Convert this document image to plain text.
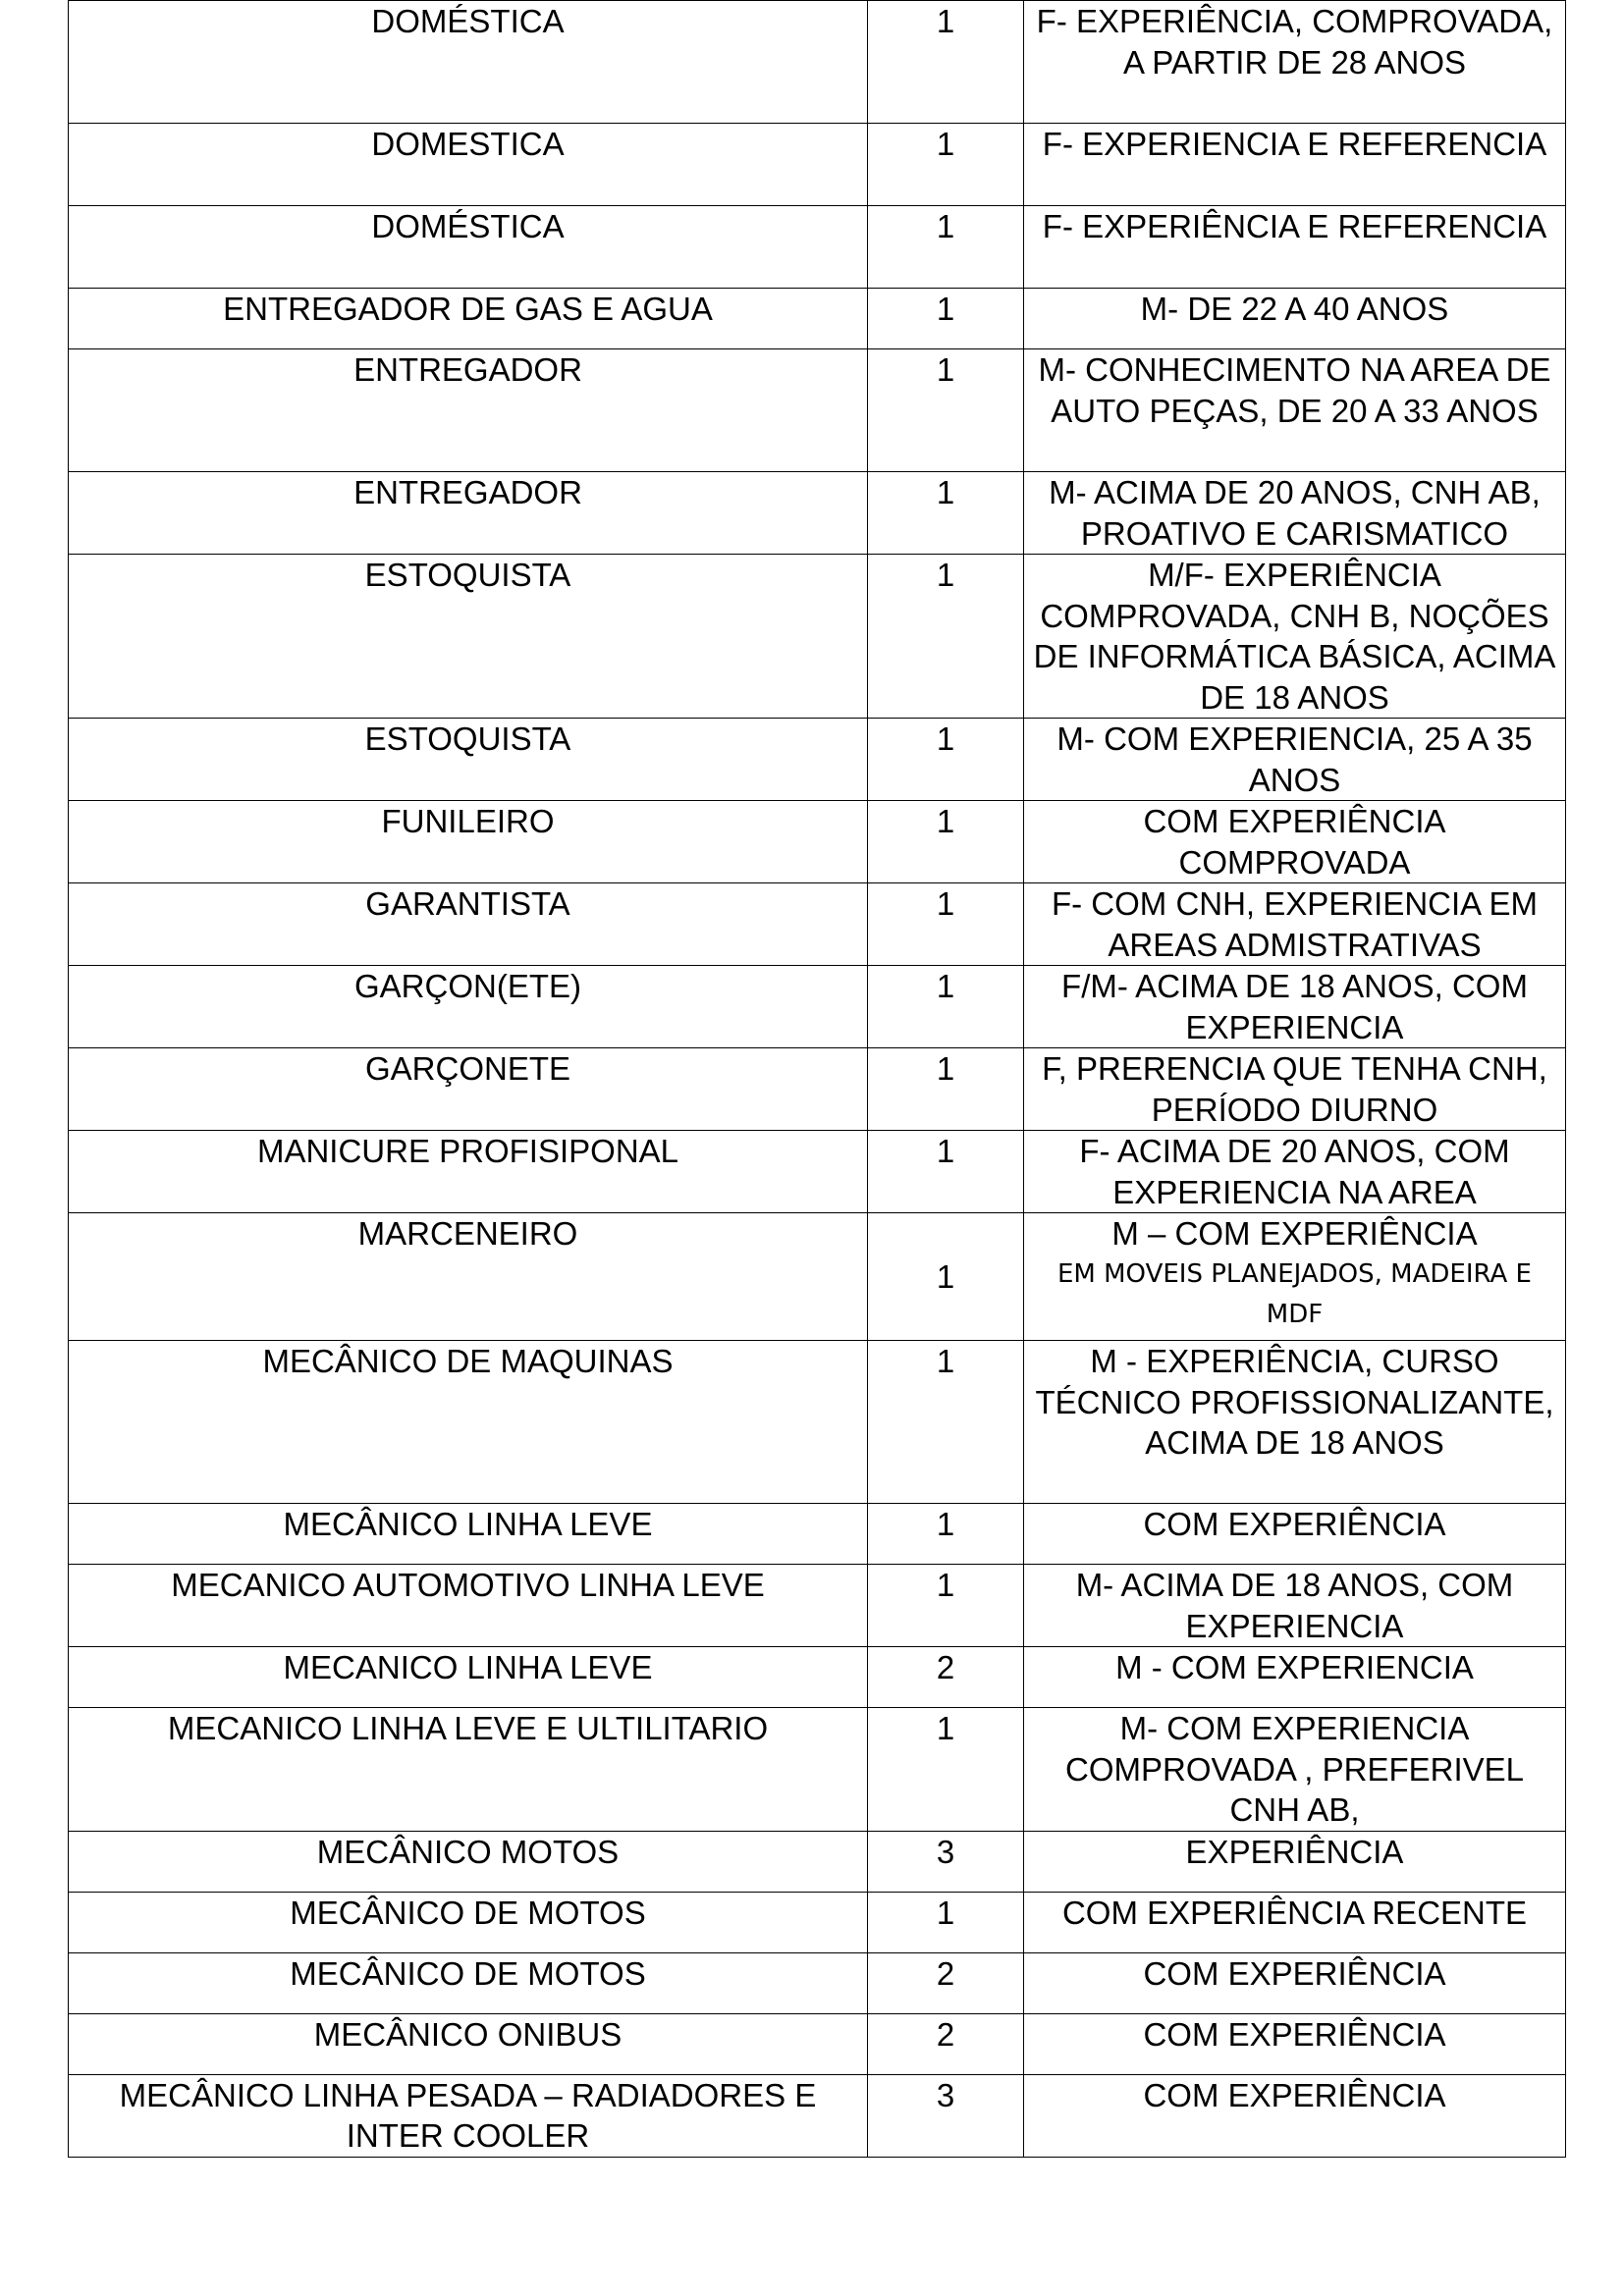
DOMÉSTICA	1	F- EXPERIÊNCIA, COMPROVADA, A PARTIR DE 28 ANOS
DOMESTICA	1	F- EXPERIENCIA E REFERENCIA
DOMÉSTICA	1	F- EXPERIÊNCIA E REFERENCIA
ENTREGADOR DE GAS E AGUA	1	M- DE 22 A 40 ANOS
ENTREGADOR	1	M- CONHECIMENTO NA AREA DE AUTO PEÇAS, DE 20 A 33 ANOS
ENTREGADOR	1	M- ACIMA DE 20 ANOS, CNH AB, PROATIVO E CARISMATICO
ESTOQUISTA	1	M/F- EXPERIÊNCIA COMPROVADA, CNH B, NOÇÕES DE INFORMÁTICA BÁSICA, ACIMA DE 18 ANOS
ESTOQUISTA	1	M- COM EXPERIENCIA, 25 A 35 ANOS
FUNILEIRO	1	COM EXPERIÊNCIA COMPROVADA
GARANTISTA	1	F- COM CNH, EXPERIENCIA EM AREAS ADMISTRATIVAS
GARÇON(ETE)	1	F/M- ACIMA DE 18 ANOS, COM EXPERIENCIA
GARÇONETE	1	F, PRERENCIA QUE TENHA CNH, PERÍODO DIURNO
MANICURE PROFISIPONAL	1	F- ACIMA DE 20 ANOS, COM EXPERIENCIA NA AREA
MARCENEIRO	1	M – COM EXPERIÊNCIA
EM MOVEIS PLANEJADOS, MADEIRA E MDF

MECÂNICO DE MAQUINAS	1	M - EXPERIÊNCIA, CURSO TÉCNICO PROFISSIONALIZANTE, ACIMA DE 18 ANOS
MECÂNICO LINHA LEVE	1	COM EXPERIÊNCIA
MECANICO AUTOMOTIVO LINHA LEVE	1	M- ACIMA DE 18 ANOS, COM EXPERIENCIA
MECANICO LINHA LEVE	2	M - COM EXPERIENCIA
MECANICO LINHA LEVE E ULTILITARIO	1	M- COM EXPERIENCIA COMPROVADA , PREFERIVEL CNH AB,
MECÂNICO MOTOS	3	EXPERIÊNCIA
MECÂNICO DE MOTOS	1	COM EXPERIÊNCIA RECENTE
MECÂNICO DE MOTOS	2	COM EXPERIÊNCIA
MECÂNICO ONIBUS	2	COM EXPERIÊNCIA
MECÂNICO LINHA PESADA – RADIADORES E INTER COOLER	3	COM EXPERIÊNCIA
